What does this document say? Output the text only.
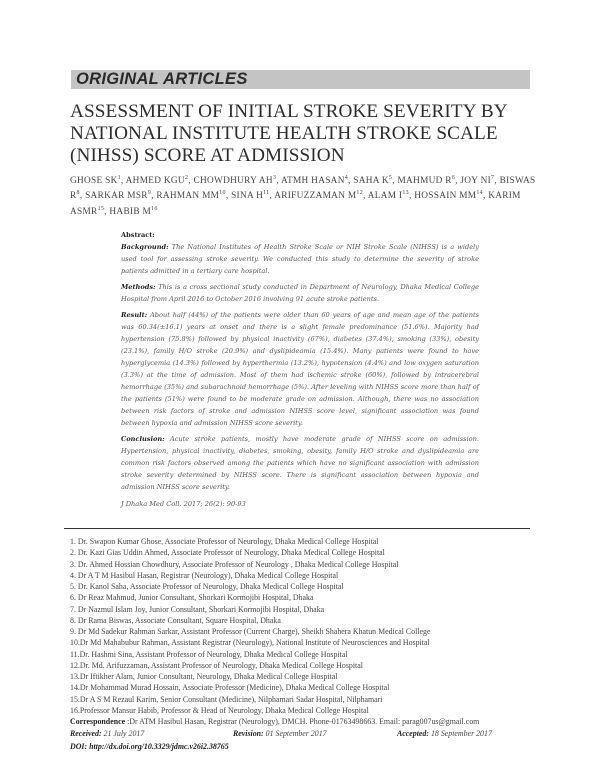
ORIGINAL ARTICLES
ASSESSMENT OF INITIAL STROKE SEVERITY BY
NATIONAL INSTITUTE HEALTH STROKE SCALE
(NIHSS) SCORE AT ADMISSION
GHOSE $SK^1$, AHMED KGU$^2$, CHOWDHURY $AH^3$, ATMH HASAN$^4$, SAHA $K^5$, MAHMUD $R^6$, JOY $NI^7$, BISWAS $R^8$, SARKAR MSR$^9$, RAHMAN MM$^{10}$, SINA $H^{11}$, ARIFUZZAMAN $M^{12}$, ALAM $I^{13}$, HOSSAIN MM$^{14}$, KARIM ASMR$^{15}$, HABIB $M^{16}$

Abstract:

Background: The National Institutes of Health Stroke Scale or NIH Stroke Scale (NIHSS) is a widely used tool for assessing stroke severity. We conducted this study to determine the severity of stroke patients admitted in a tertiary care hospital.

Methods: This is a cross sectional study conducted in Department of Neurology, Dhaka Medical College Hospital from April 2016 to October 2016 involving 91 acute stroke patients.

Result: About half (44%) of the patients were older than 60 years of age and mean age of the patients was 60.34(±16.1) years at onset and there is a slight female predominance (51.6%). Majority had hypertension (75.8%) followed by physical inactivity (67%), diabetes (37.4%), smoking (33%), obesity (23.1%), family H/O stroke (20.9%) and dyslipideamia (15.4%). Many patients were found to have hyperglycemia (14.3%) followed by hyperthermia (13.2%), hypotension (4.4%) and low oxygen saturation (3.3%) at the time of admission. Most of them had ischemic stroke (60%), followed by intracerebral hemorrhage (35%) and subarachnoid hemorrhage (5%). After leveling with NIHSS score more than half of the patients (51%) were found to be moderate grade on admission. Although, there was no association between risk factors of stroke and admission NIHSS score level, significant association was found between hypoxia and admission NIHSS score severity.

Conclusion: Acute stroke patients, mostly have moderate grade of NIHSS score on admission. Hypertension, physical inactivity, diabetes, smoking, obesity, family H/O stroke and dyslipideamia are common risk factors observed among the patients which have no significant association with admission stroke severity determined by NIHSS score. There is significant association between hypoxia and admission NIHSS score severity.

J Dhaka Med Coll. 2017; 26(2): 90-93

1. Dr. Swapon Kumar Ghose, Associate Professor of Neurology, Dhaka Medical College Hospital
2. Dr. Kazi Gias Uddin Ahmed, Associate Professor of Neurology, Dhaka Medical College Hospital
3. Dr. Ahmed Hossian Chowdhury, Associate Professor of Neurology , Dhaka Medical College Hospital
4. Dr A T M Hasibul Hasan, Registrar (Neurology), Dhaka Medical College Hospital
5. Dr. Kanol Saha, Associate Professor of Neurology, Dhaka Medical College Hospital
6. Dr Reaz Mahmud, Junior Consultant, Shorkari Kormojibi Hospital, Dhaka
7. Dr Nazmul Islam Joy, Junior Consultant, Shorkari Kormojibi Hospital, Dhaka
8. Dr Rama Biswas, Associate Consultant, Square Hospital, Dhaka
9. Dr Md Sadekur Rahman Sarkar, Assistant Professor (Current Charge), Sheikh Shahera Khatun Medical College
10.Dr Md Mahabubur Rahman, Assistant Registrar (Neurology), National Institute of Neurosciences and Hospital
11.Dr. Hashmi Sina, Assistant Professor of Neurology, Dhaka Medical College Hospital
12.Dr. Md. Arifuzzaman, Assistant Professor of Neurology, Dhaka Medical College Hospital
13.Dr Iftikher Alam, Junior Consultant, Neurology, Dhaka Medical College Hospital
14.Dr Mohammad Murad Hossain, Associate Professor (Medicine), Dhaka Medical College Hospital
15.Dr A S M Rezaul Karim, Senior Consultant (Medicine), Nilphamari Sadar Hospital, Nilphamari
16.Professor Mansur Habib, Professor & Head of Neurology, Dhaka Medical College Hospital
Correspondence :Dr ATM Hasibul Hasan, Registrar (Neurology), DMCH. Phone-01763498663. Email: parag007us@gmail.com
Received: 21 July 2017	Revision: 01 September 2017	Accepted: 18 September 2017
DOI: http://dx.doi.org/10.3329/jdmc.v26i2.38765
